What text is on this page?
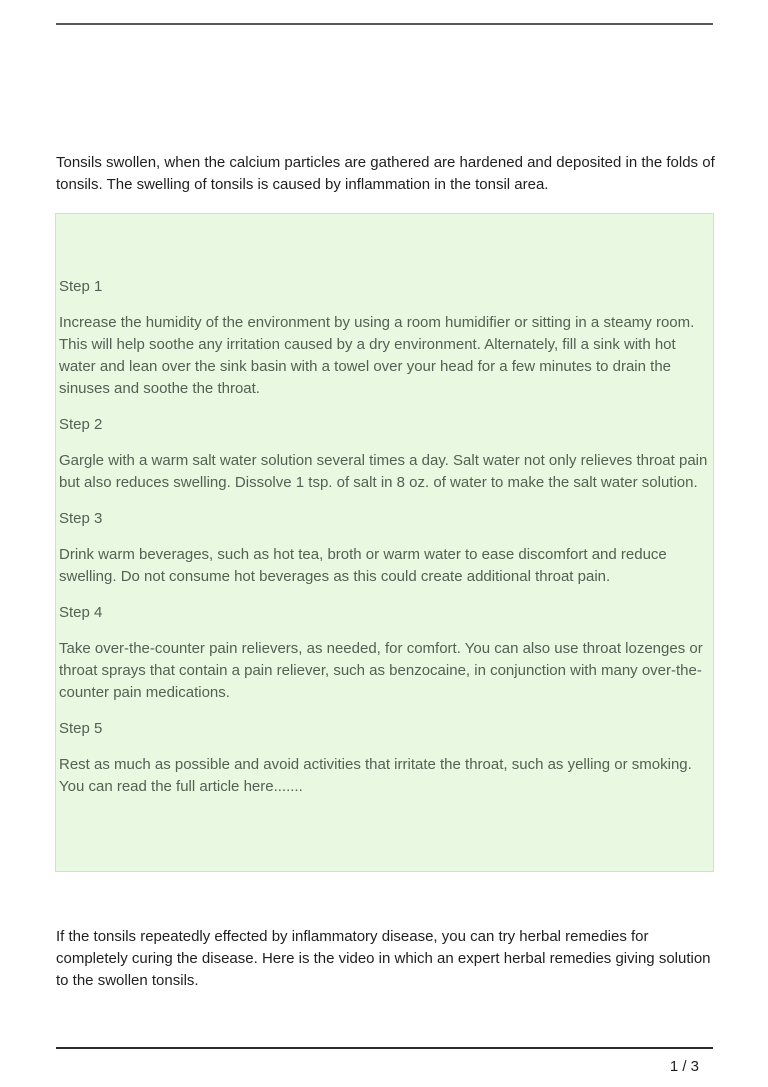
Tonsils swollen, when the calcium particles are gathered are hardened and deposited in the folds of tonsils. The swelling of tonsils is caused by inflammation in the tonsil area.

Step 1

Increase the humidity of the environment by using a room humidifier or sitting in a steamy room. This will help soothe any irritation caused by a dry environment. Alternately, fill a sink with hot water and lean over the sink basin with a towel over your head for a few minutes to drain the sinuses and soothe the throat.

Step 2

Gargle with a warm salt water solution several times a day. Salt water not only relieves throat pain but also reduces swelling. Dissolve 1 tsp. of salt in 8 oz. of water to make the salt water solution.

Step 3

Drink warm beverages, such as hot tea, broth or warm water to ease discomfort and reduce swelling. Do not consume hot beverages as this could create additional throat pain.

Step 4

Take over-the-counter pain relievers, as needed, for comfort. You can also use throat lozenges or throat sprays that contain a pain reliever, such as benzocaine, in conjunction with many over-the-counter pain medications.

Step 5

Rest as much as possible and avoid activities that irritate the throat, such as yelling or smoking. You can read the full article here.......

If the tonsils repeatedly effected by inflammatory disease, you can try herbal remedies for completely curing the disease. Here is the video in which an expert herbal remedies giving solution to the swollen tonsils.

1 / 3
